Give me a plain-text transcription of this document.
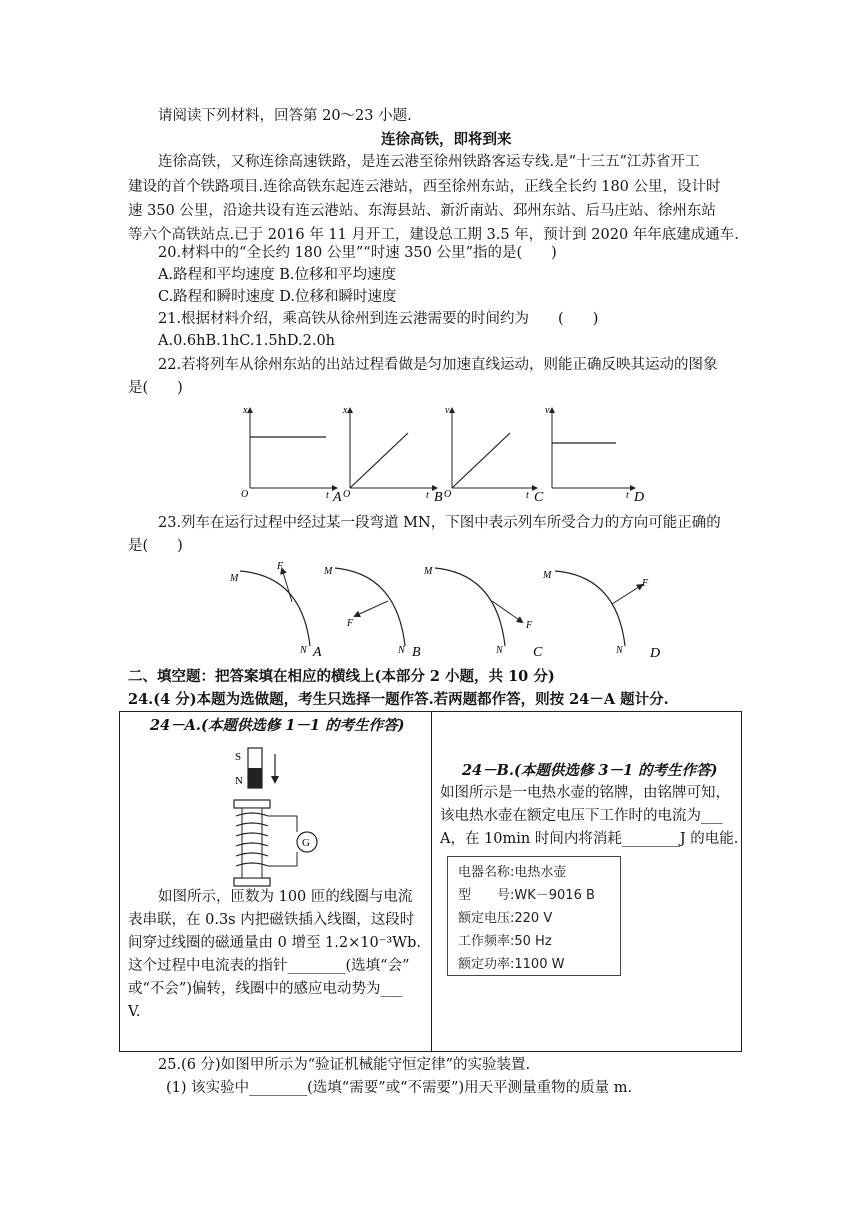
请阅读下列材料，回答第 20～23 小题.
连徐高铁，即将到来
连徐高铁，又称连徐高速铁路，是连云港至徐州铁路客运专线.是“十三五”江苏省开工
建设的首个铁路项目.连徐高铁东起连云港站，西至徐州东站，正线全长约 180 公里，设计时
速 350 公里，沿途共设有连云港站、东海县站、新沂南站、邳州东站、后马庄站、徐州东站
等六个高铁站点.已于 2016 年 11 月开工，建设总工期 3.5 年，预计到 2020 年年底建成通车.
20.材料中的“全长约 180 公里”“时速 350 公里”指的是(　　)
A.路程和平均速度 B.位移和平均速度
C.路程和瞬时速度 D.位移和瞬时速度
21.根据材料介绍，乘高铁从徐州到连云港需要的时间约为　　(　　)
A.0.6hB.1hC.1.5hD.2.0h
22.若将列车从徐州东站的出站过程看做是匀加速直线运动，则能正确反映其运动的图象
是(　　)
x
O	t A
x
O	t B
v
O	t C
v
t D
23.列车在运行过程中经过某一段弯道 MN，下图中表示列车所受合力的方向可能正确的
是(　　)
M
N
F
A
M
N
F
B
M
N
F
C
M
N
F
D
二、填空题：把答案填在相应的横线上(本部分 2 小题，共 10 分)
24.(4 分)本题为选做题，考生只选择一题作答.若两题都作答，则按 24－A 题计分.
24－A.(本题供选修 1－1 的考生作答)
S
N
G
如图所示，匝数为 100 匝的线圈与电流
表串联，在 0.3s 内把磁铁插入线圈，这段时
间穿过线圈的磁通量由 0 增至 1.2×10⁻³Wb.
这个过程中电流表的指针________(选填“会”
或“不会”)偏转，线圈中的感应电动势为___
V.
24－B.(本题供选修 3－1 的考生作答)
如图所示是一电热水壶的铭牌，由铭牌可知，
该电热水壶在额定电压下工作时的电流为___
A，在 10min 时间内将消耗________J 的电能.
电器名称:电热水壶
型　　号:WK－9016 B
额定电压:220 V
工作频率:50 Hz
额定功率:1100 W
25.(6 分)如图甲所示为“验证机械能守恒定律”的实验装置.
(1) 该实验中________(选填“需要”或“不需要”)用天平测量重物的质量 m.
